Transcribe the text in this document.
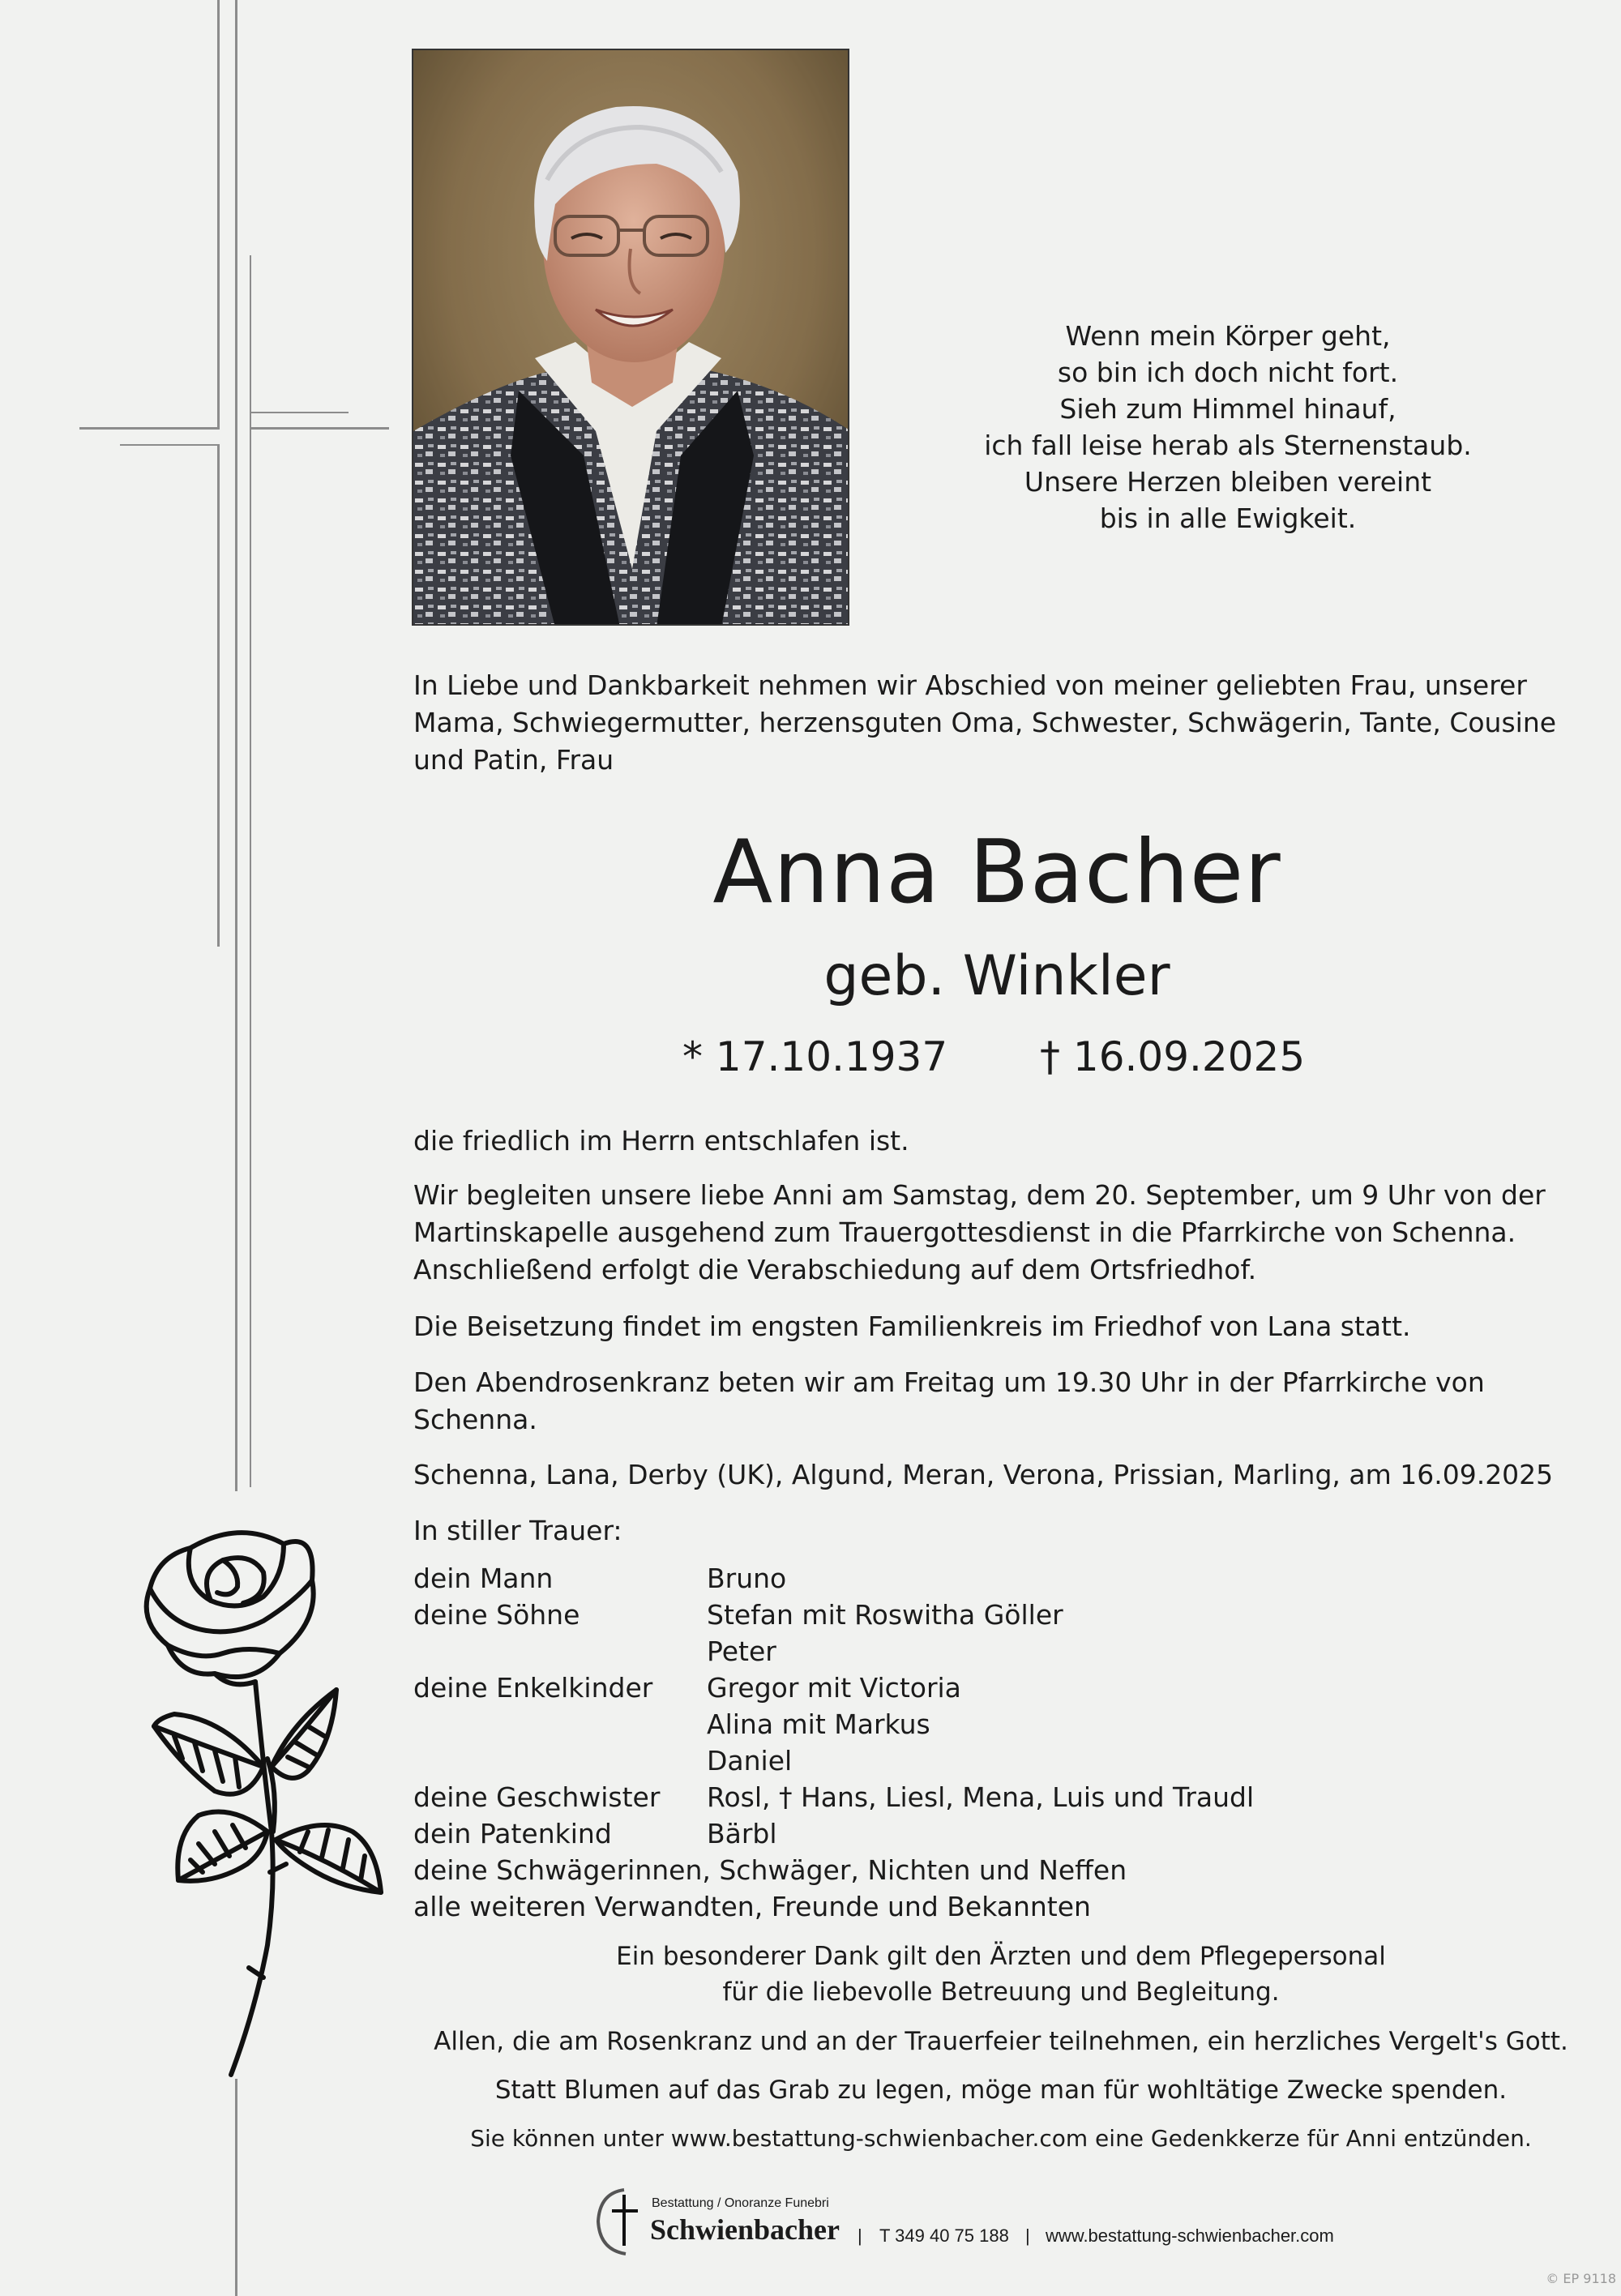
Wenn mein Körper geht,
so bin ich doch nicht fort.
Sieh zum Himmel hinauf,
ich fall leise herab als Sternenstaub.
Unsere Herzen bleiben vereint
bis in alle Ewigkeit.
In Liebe und Dankbarkeit nehmen wir Abschied von meiner geliebten Frau, unserer
Mama, Schwiegermutter, herzensguten Oma, Schwester, Schwägerin, Tante, Cousine
und Patin, Frau
Anna Bacher
geb. Winkler
* 17.10.1937 † 16.09.2025
die friedlich im Herrn entschlafen ist.
Wir begleiten unsere liebe Anni am Samstag, dem 20. September, um 9 Uhr von der
Martinskapelle ausgehend zum Trauergottesdienst in die Pfarrkirche von Schenna.
Anschließend erfolgt die Verabschiedung auf dem Ortsfriedhof.
Die Beisetzung findet im engsten Familienkreis im Friedhof von Lana statt.
Den Abendrosenkranz beten wir am Freitag um 19.30 Uhr in der Pfarrkirche von
Schenna.
Schenna, Lana, Derby (UK), Algund, Meran, Verona, Prissian, Marling, am 16.09.2025
In stiller Trauer:
dein Mann	Bruno
deine Söhne	Stefan mit Roswitha Göller
Peter
deine Enkelkinder Gregor mit Victoria
Alina mit Markus
Daniel
deine Geschwister Rosl, † Hans, Liesl, Mena, Luis und Traudl
dein Patenkind	Bärbl
deine Schwägerinnen, Schwäger, Nichten und Neffen
alle weiteren Verwandten, Freunde und Bekannten
Ein besonderer Dank gilt den Ärzten und dem Pflegepersonal
für die liebevolle Betreuung und Begleitung.
Allen, die am Rosenkranz und an der Trauerfeier teilnehmen, ein herzliches Vergelt's Gott.
Statt Blumen auf das Grab zu legen, möge man für wohltätige Zwecke spenden.
Sie können unter www.bestattung-schwienbacher.com eine Gedenkkerze für Anni entzünden.
Bestattung / Onoranze Funebri
Schwienbacher | T 349 40 75 188 | www.bestattung-schwienbacher.com
© EP 9118
